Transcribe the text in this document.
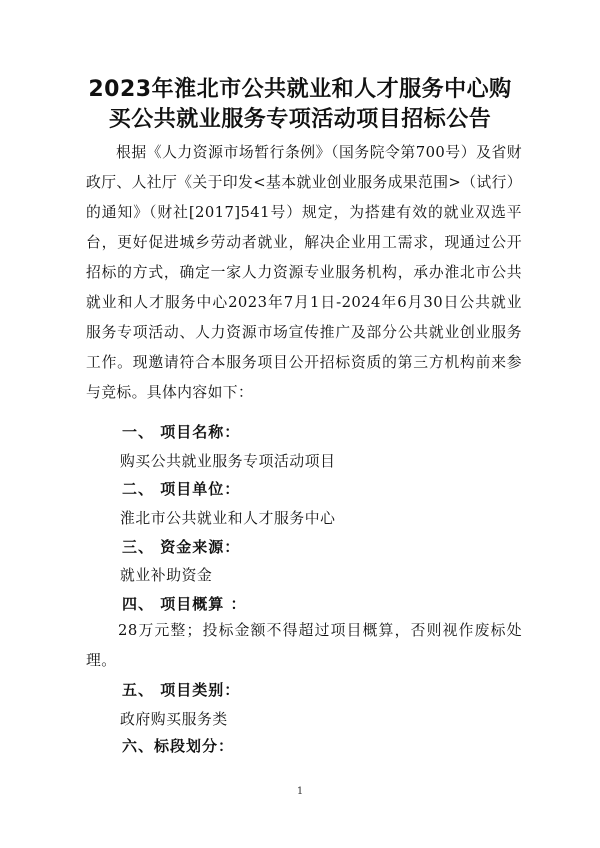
2023年淮北市公共就业和人才服务中心购
买公共就业服务专项活动项目招标公告

根据《人力资源市场暂行条例》（国务院令第700号）及省财政厅、人社厅《关于印发<基本就业创业服务成果范围>（试行）的通知》（财社[2017]541号）规定，为搭建有效的就业双选平台，更好促进城乡劳动者就业，解决企业用工需求，现通过公开招标的方式，确定一家人力资源专业服务机构，承办淮北市公共就业和人才服务中心2023年7月1日-2024年6月30日公共就业服务专项活动、人力资源市场宣传推广及部分公共就业创业服务工作。现邀请符合本服务项目公开招标资质的第三方机构前来参与竞标。具体内容如下：

一、 项目名称：
购买公共就业服务专项活动项目
二、 项目单位：
淮北市公共就业和人才服务中心
三、 资金来源：
就业补助资金
四、 项目概算 ：

28万元整；投标金额不得超过项目概算，否则视作废标处理。

五、 项目类别：
政府购买服务类
六、标段划分：
1
